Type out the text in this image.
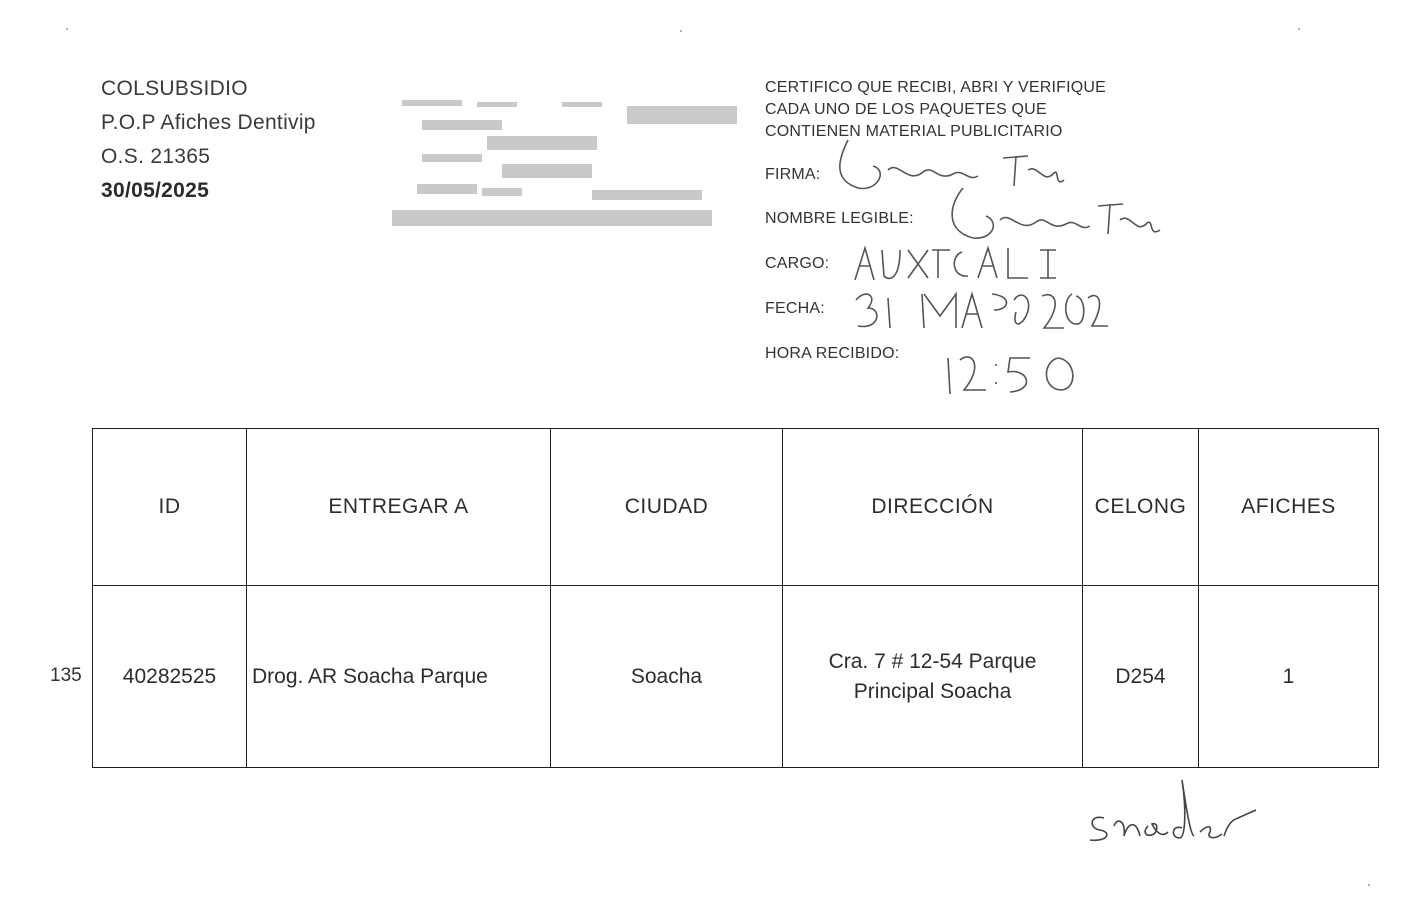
COLSUBSIDIO
P.O.P Afiches Dentivip
O.S. 21365
30/05/2025
CERTIFICO QUE RECIBI, ABRI Y VERIFIQUE
CADA UNO DE LOS PAQUETES QUE
CONTIENEN MATERIAL PUBLICITARIO
FIRMA:
NOMBRE LEGIBLE:
CARGO:
FECHA:
HORA RECIBIDO:
135
ID	ENTREGAR A	CIUDAD	DIRECCIÓN	CELONG	AFICHES
40282525	Drog. AR Soacha Parque	Soacha	Cra. 7 # 12-54 Parque
Principal Soacha	D254	1
